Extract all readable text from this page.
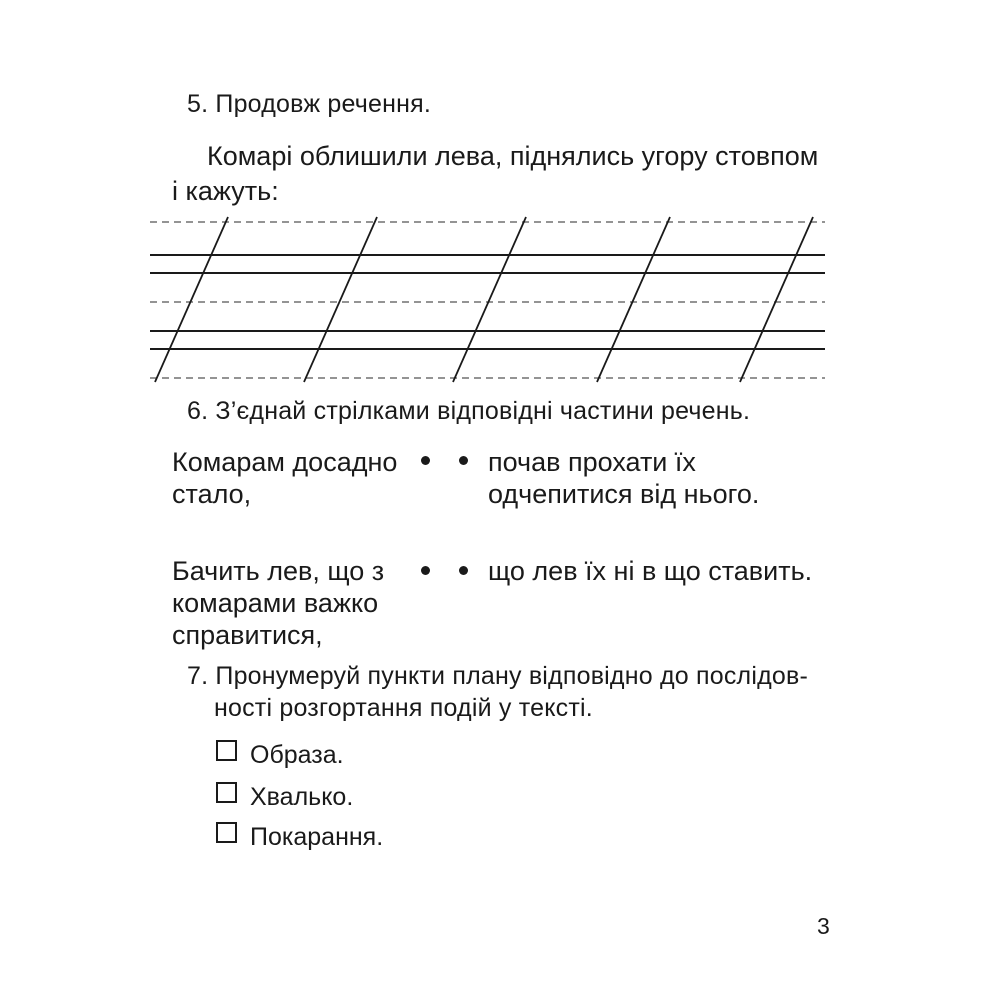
5. Продовж речення.
Комарі облишили лева, піднялись угору стовпом
і кажуть:
6. З’єднай стрілками відповідні частини речень.
Комарам досадно
стало,
почав прохати їх
одчепитися від нього.
Бачить лев, що з
комарами важко
справитися,
що лев їх ні в що ставить.
7. Пронумеруй пункти плану відповідно до послідов-
ності розгортання подій у тексті.
Образа.
Хвалько.
Покарання.
3
